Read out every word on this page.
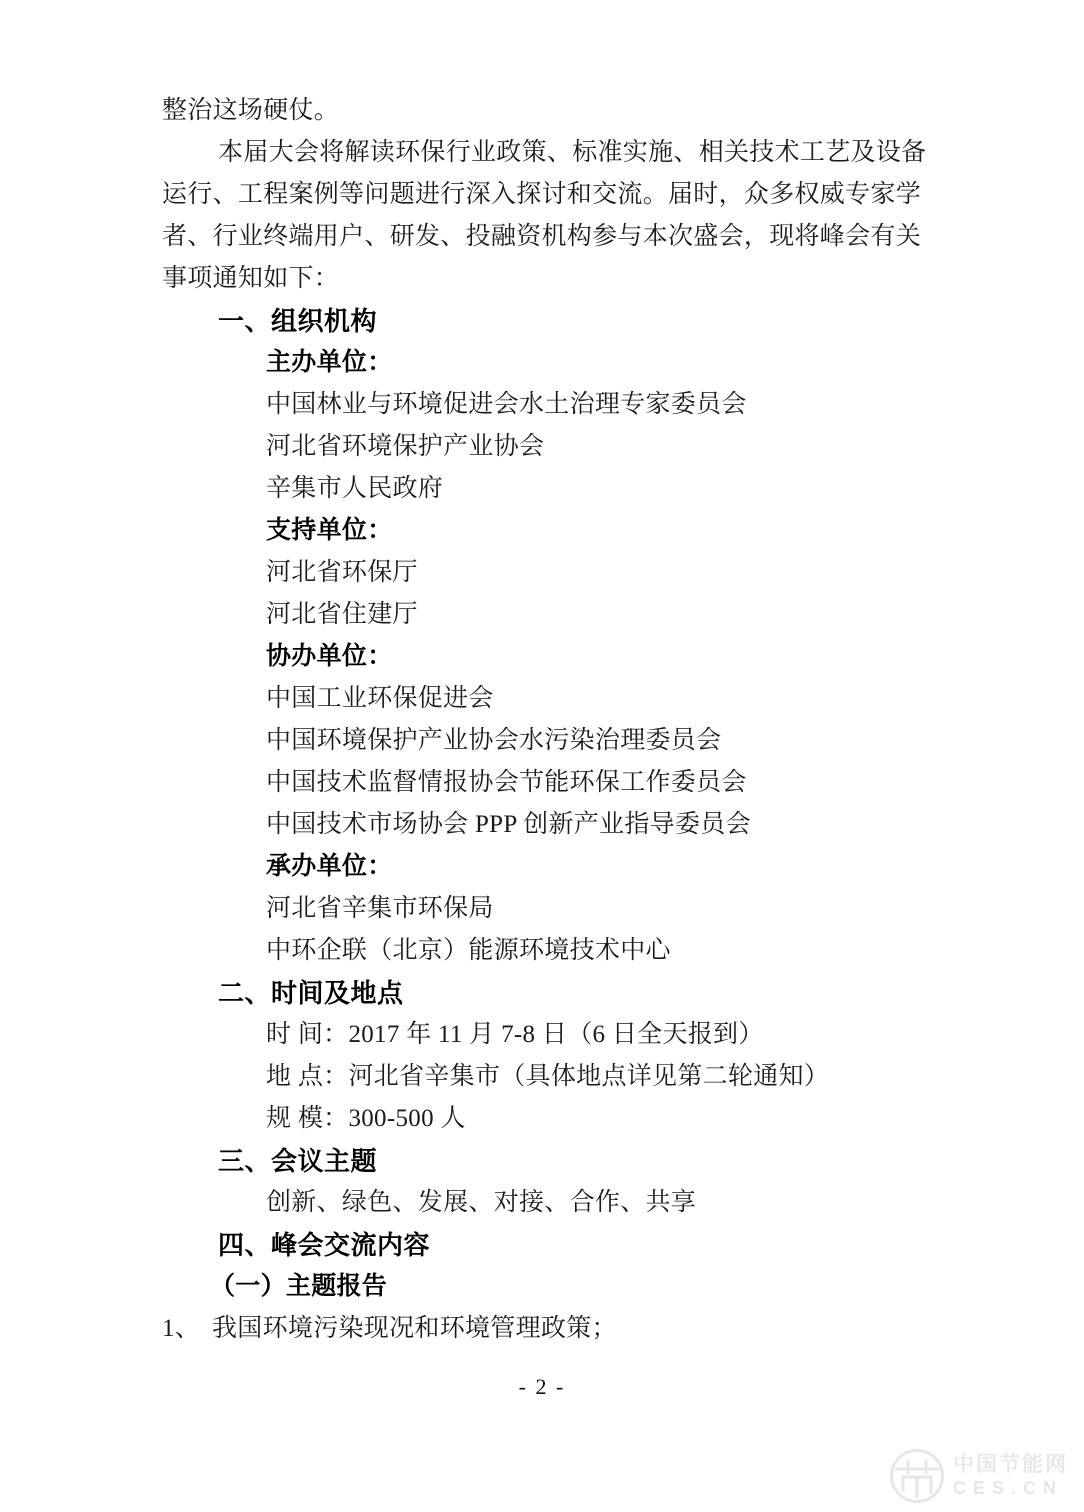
整治这场硬仗。
本届大会将解读环保行业政策、标准实施、相关技术工艺及设备
运行、工程案例等问题进行深入探讨和交流。届时，众多权威专家学
者、行业终端用户、研发、投融资机构参与本次盛会，现将峰会有关
事项通知如下：
一、组织机构
主办单位：
中国林业与环境促进会水土治理专家委员会
河北省环境保护产业协会
辛集市人民政府
支持单位：
河北省环保厅
河北省住建厅
协办单位：
中国工业环保促进会
中国环境保护产业协会水污染治理委员会
中国技术监督情报协会节能环保工作委员会
中国技术市场协会 PPP 创新产业指导委员会
承办单位：
河北省辛集市环保局
中环企联（北京）能源环境技术中心
二、时间及地点
时 间：2017 年 11 月 7-8 日（6 日全天报到）
地 点：河北省辛集市（具体地点详见第二轮通知）
规 模：300-500 人
三、会议主题
创新、绿色、发展、对接、合作、共享
四、峰会交流内容
（一）主题报告
1、 我国环境污染现况和环境管理政策；
- 2 -
中国节能网
CES.CN
